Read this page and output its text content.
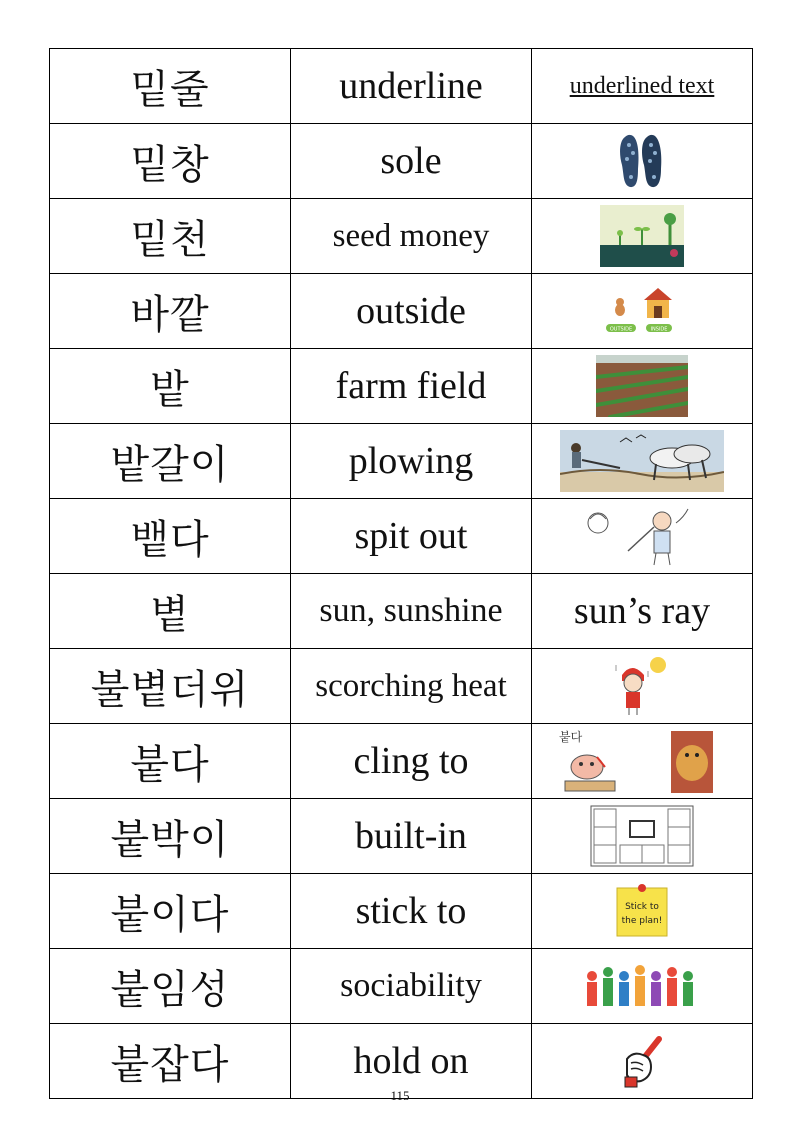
밑줄	underline	underlined text
밑창	sole	

밑천	seed money	

바깥	outside	OUTSIDE INSIDE

밭	farm field	

밭갈이	plowing	

뱉다	spit out	

볕	sun, sunshine	sun’s ray
불볕더위	scorching heat	

붙다	cling to	붙다

붙박이	built-in	

붙이다	stick to	Stick to
the plan!

붙임성	sociability	

붙잡다	hold on	
115
